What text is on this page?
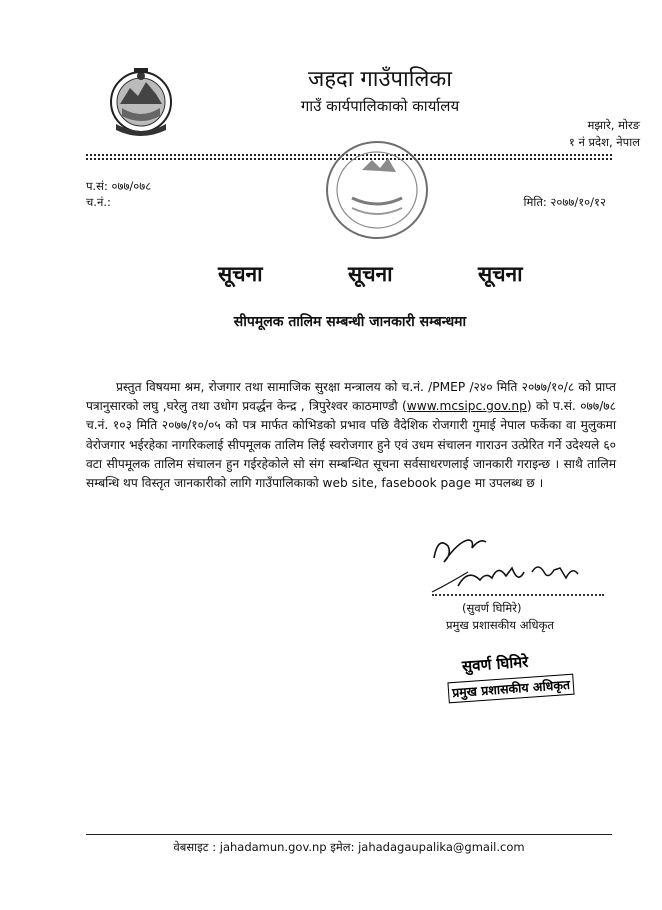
जहदा गाउँपालिका
गाउँ कार्यपालिकाको कार्यालय
मझारे, मोरङ
१ नं प्रदेश, नेपाल
प.सं: ०७७/०७८
च.नं.:	मिति: २०७७/१०/१२
सूचना	सूचना	सूचना
सीपमूलक तालिम सम्बन्धी जानकारी सम्बन्धमा
प्रस्तुत विषयमा श्रम, रोजगार तथा सामाजिक सुरक्षा मन्त्रालय को च.नं. /PMEP /२४० मिति २०७७/१०/८ को प्राप्त पत्रानुसारको लघु ,घरेलु तथा उधोग प्रवर्द्धन केन्द्र , त्रिपुरेश्वर काठमाण्डौ (www.mcsipc.gov.np) को प.सं. ०७७/७८ च.नं. १०३ मिति २०७७/१०/०५ को पत्र मार्फत कोभिडको प्रभाव पछि वैदेशिक रोजगारी गुमाई नेपाल फर्केका वा मुलुकमा वेरोजगार भईरहेका नागरिकलाई सीपमूलक तालिम लिई स्वरोजगार हुने एवं उधम संचालन गाराउन उत्प्रेरित गर्ने उदेश्यले ६० वटा सीपमूलक तालिम संचालन हुन गईरहेकोले सो संग सम्बन्धित सूचना सर्वसाधरणलाई जानकारी गराइन्छ । साथै तालिम सम्बन्धि थप विस्तृत जानकारीको लागि गाउँपालिकाको web site, fasebook page मा उपलब्ध छ ।
(सुवर्ण घिमिरे)
प्रमुख प्रशासकीय अधिकृत
सुवर्ण घिमिरे
प्रमुख प्रशासकीय अधिकृत
वेबसाइट : jahadamun.gov.np इमेल: jahadagaupalika@gmail.com
